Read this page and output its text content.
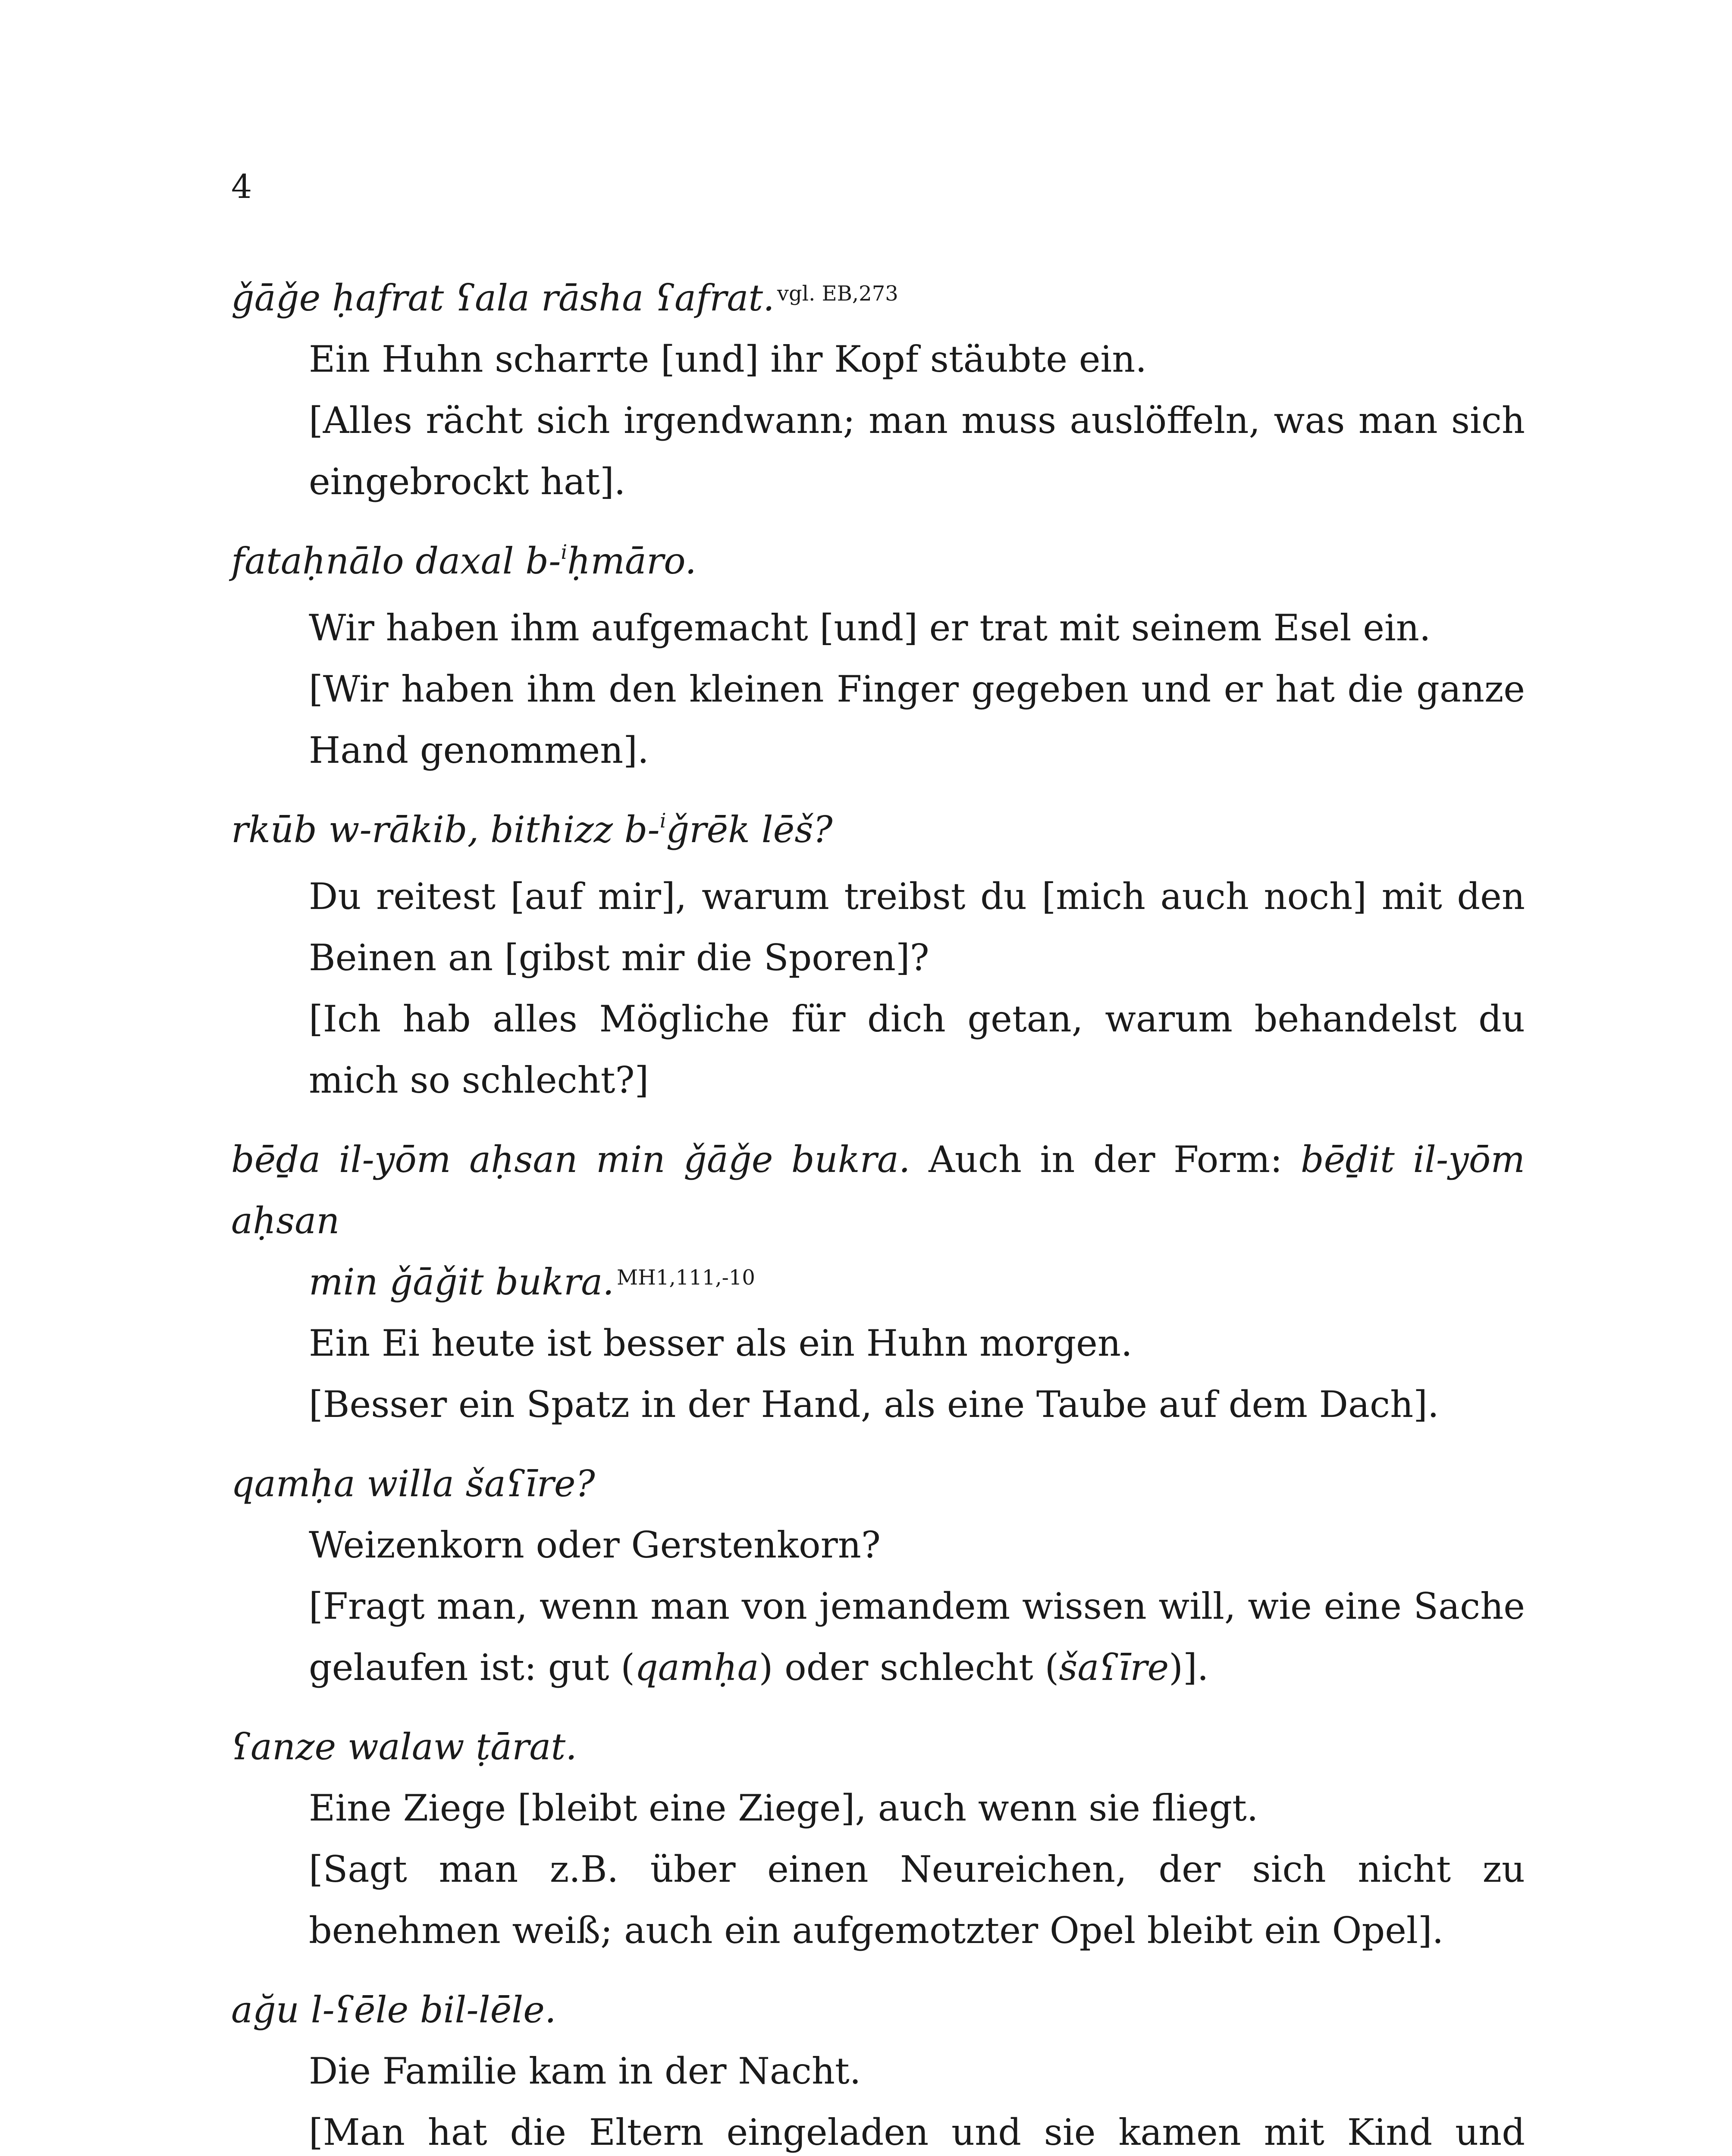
4
ǧāǧe ḥafrat ʕala rāsha ʕafrat. $^{vgl. EB,273}$
Ein Huhn scharrte [und] ihr Kopf stäubte ein.
[Alles rächt sich irgendwann; man muss auslöffeln, was man sich eingebrockt hat].
fataḥnālo daxal b-$^i$ḥmāro.
Wir haben ihm aufgemacht [und] er trat mit seinem Esel ein.
[Wir haben ihm den kleinen Finger gegeben und er hat die ganze Hand genommen].
rkūb w-rākib, bithizz b-$^i$ǧrēk lēš?
Du reitest [auf mir], warum treibst du [mich auch noch] mit den Beinen an [gibst mir die Sporen]?
[Ich hab alles Mögliche für dich getan, warum behandelst du mich so schlecht?]
bēḏa il-yōm aḥsan min ǧāǧe bukra. Auch in der Form: bēḏit il-yōm aḥsan
min ǧāǧit bukra. $^{MH1,111,-10}$
Ein Ei heute ist besser als ein Huhn morgen.
[Besser ein Spatz in der Hand, als eine Taube auf dem Dach].
qamḥa willa šaʕīre?
Weizenkorn oder Gerstenkorn?
[Fragt man, wenn man von jemandem wissen will, wie eine Sache gelaufen ist: gut (qamḥa) oder schlecht (šaʕīre)].
ʕanze walaw ṭārat.
Eine Ziege [bleibt eine Ziege], auch wenn sie fliegt.
[Sagt man z.B. über einen Neureichen, der sich nicht zu benehmen weiß; auch ein aufgemotzter Opel bleibt ein Opel].
ağu l-ʕēle bil-lēle.
Die Familie kam in der Nacht.
[Man hat die Eltern eingeladen und sie kamen mit Kind und
